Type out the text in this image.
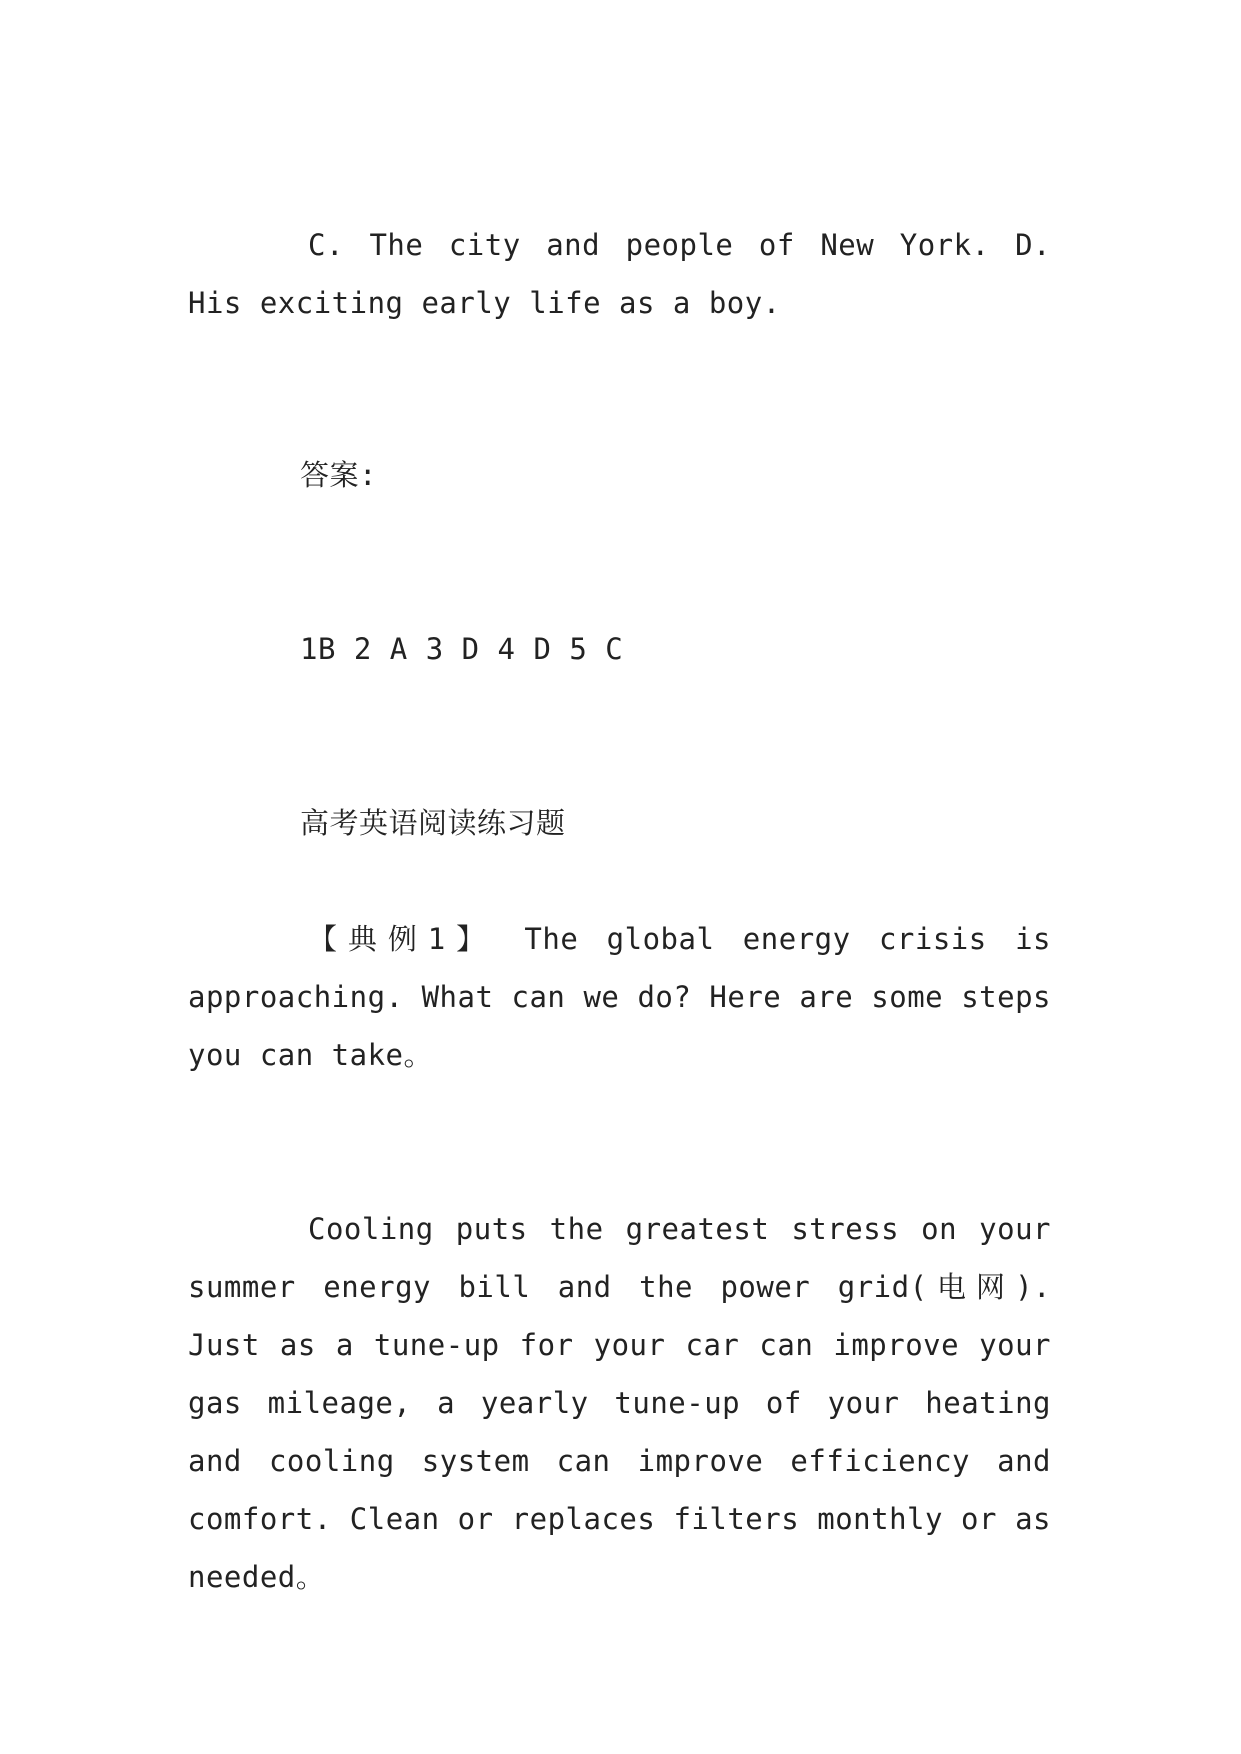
C. The city and people of New York. D. His exciting early life as a boy.

答案:

1B 2 A 3 D 4 D 5 C

高考英语阅读练习题

【典例1】 The global energy crisis is approaching. What can we do? Here are some steps you can take。

Cooling puts the greatest stress on your summer energy bill and the power grid(电网). Just as a tune-up for your car can improve your gas mileage, a yearly tune-up of your heating and cooling system can improve efficiency and comfort. Clean or replaces filters monthly or as needed。
